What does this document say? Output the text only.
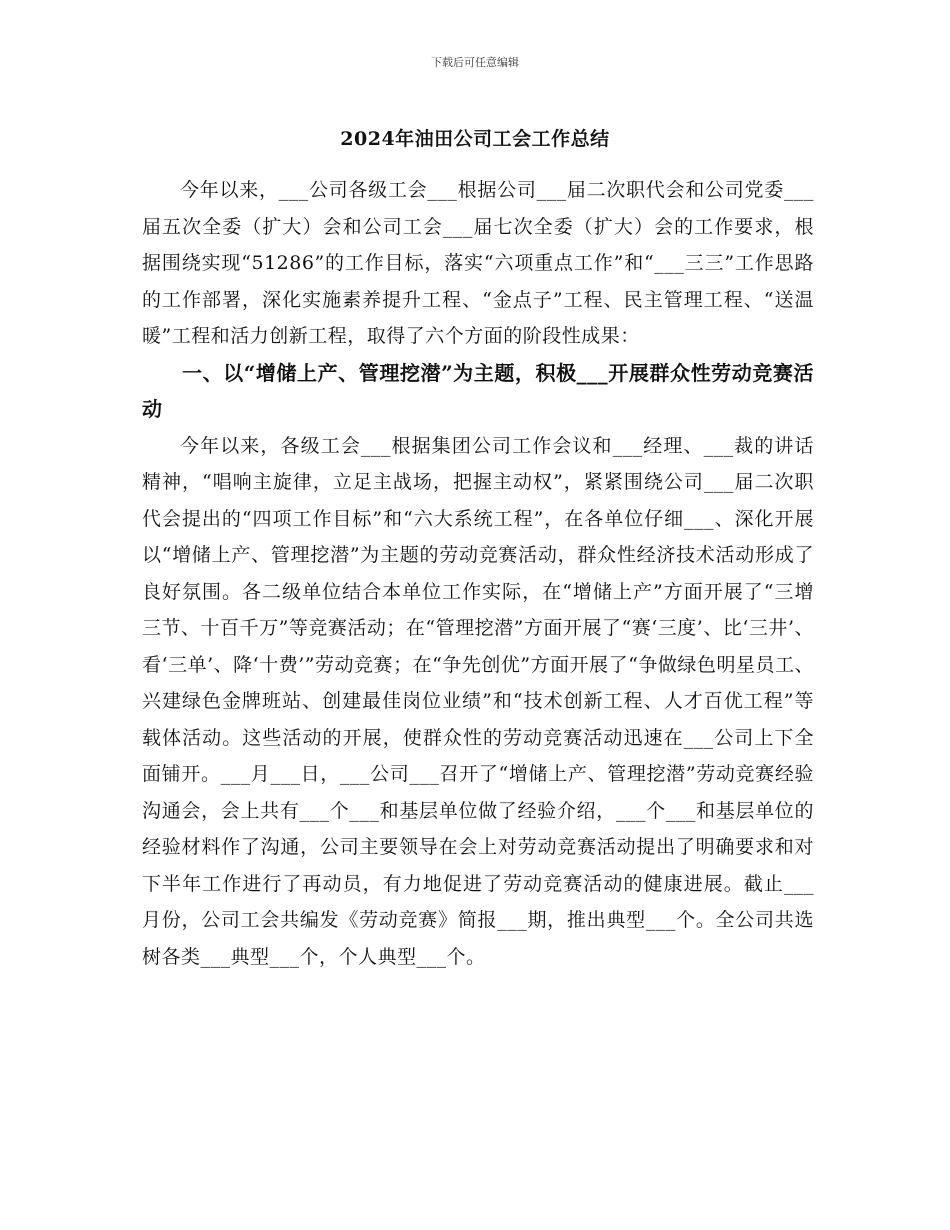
下载后可任意编辑
2024年油田公司工会工作总结

今年以来，___公司各级工会___根据公司___届二次职代会和公司党委___届五次全委（扩大）会和公司工会___届七次全委（扩大）会的工作要求，根据围绕实现“51286”的工作目标，落实“六项重点工作”和“___三三”工作思路的工作部署，深化实施素养提升工程、“金点子”工程、民主管理工程、“送温暖”工程和活力创新工程，取得了六个方面的阶段性成果：

一、以“增储上产、管理挖潜”为主题，积极___开展群众性劳动竞赛活动

今年以来，各级工会___根据集团公司工作会议和___经理、___裁的讲话精神，“唱响主旋律，立足主战场，把握主动权”，紧紧围绕公司___届二次职代会提出的“四项工作目标”和“六大系统工程”，在各单位仔细___、深化开展以“增储上产、管理挖潜”为主题的劳动竞赛活动，群众性经济技术活动形成了良好氛围。各二级单位结合本单位工作实际，在“增储上产”方面开展了“三增三节、十百千万”等竞赛活动；在“管理挖潜”方面开展了“赛‘三度’、比‘三井’、看‘三单’、降‘十费’”劳动竞赛；在“争先创优”方面开展了“争做绿色明星员工、兴建绿色金牌班站、创建最佳岗位业绩”和“技术创新工程、人才百优工程”等载体活动。这些活动的开展，使群众性的劳动竞赛活动迅速在___公司上下全面铺开。___月___日，___公司___召开了“增储上产、管理挖潜”劳动竞赛经验沟通会，会上共有___个___和基层单位做了经验介绍，___个___和基层单位的经验材料作了沟通，公司主要领导在会上对劳动竞赛活动提出了明确要求和对下半年工作进行了再动员，有力地促进了劳动竞赛活动的健康进展。截止___月份，公司工会共编发《劳动竞赛》简报___期，推出典型___个。全公司共选树各类___典型___个，个人典型___个。
